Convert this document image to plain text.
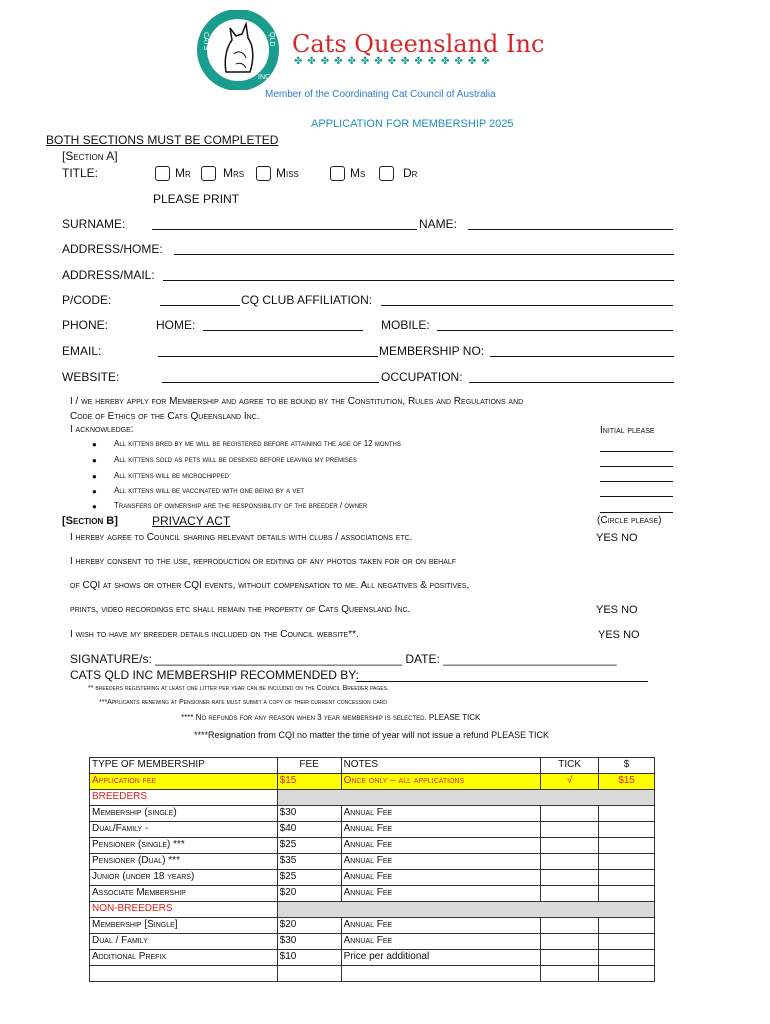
CATS	QLD
INC
Cats Queensland Inc
✤✤✤✤✤✤✤✤✤✤✤✤✤✤✤
Member of the Coordinating Cat Council of Australia
APPLICATION FOR MEMBERSHIP 2025
BOTH SECTIONS MUST BE COMPLETED
[Section A]
TITLE:	Mr	Mrs	Miss	Ms	Dr
PLEASE PRINT
SURNAME:	NAME:
ADDRESS/HOME:
ADDRESS/MAIL:
P/CODE:	CQ CLUB AFFILIATION:
PHONE:	HOME:	MOBILE:
EMAIL:	MEMBERSHIP NO:
WEBSITE:	OCCUPATION:
I / we hereby apply for Membership and agree to be bound by the Constitution, Rules and Regulations and
Code of Ethics of the Cats Queensland Inc.
I acknowledge:	Initial please
● All kittens bred by me will be registered before attaining the age of 12 months
● All kittens sold as pets will be desexed before leaving my premises
● All kittens will be microchipped
● All kittens will be vaccinated with one being by a vet
● Transfers of ownership are the responsibility of the breeder / owner
[Section B]	PRIVACY ACT	(Circle please)
I hereby agree to Council sharing relevant details with clubs / associations etc.	YES NO
I hereby consent to the use, reproduction or editing of any photos taken for or on behalf
of CQI at shows or other CQI events, without compensation to me. All negatives & positives,
prints, video recordings etc shall remain the property of Cats Queensland Inc.	YES NO
I wish to have my breeder details included on the Council website**.	YES NO
SIGNATURE/s: _____________________________________ DATE: __________________________
CATS QLD INC MEMBERSHIP RECOMMENDED BY:
** breeders registering at least one litter per year can be included on the Council Breeder pages.
***Applicants renewing at Pensioner rate must submit a copy of their current concession card
**** No refunds for any reason when 3 year membership is selected. PLEASE TICK
****Resignation from CQI no matter the time of year will not issue a refund PLEASE TICK
TYPE OF MEMBERSHIP	FEE	NOTES	TICK	$
Application fee	$15	Once only – all applications	√	$15
BREEDERS				
Membership (single)	$30	Annual Fee		
Dual/Family -	$40	Annual Fee		
Pensioner (single) ***	$25	Annual Fee		
Pensioner (Dual) ***	$35	Annual Fee		
Junior (under 18 years)	$25	Annual Fee		
Associate Membership	$20	Annual Fee		
NON-BREEDERS				
Membership [Single]	$20	Annual Fee		
Dual / Family	$30	Annual Fee		
Additional Prefix	$10	Price per additional		
